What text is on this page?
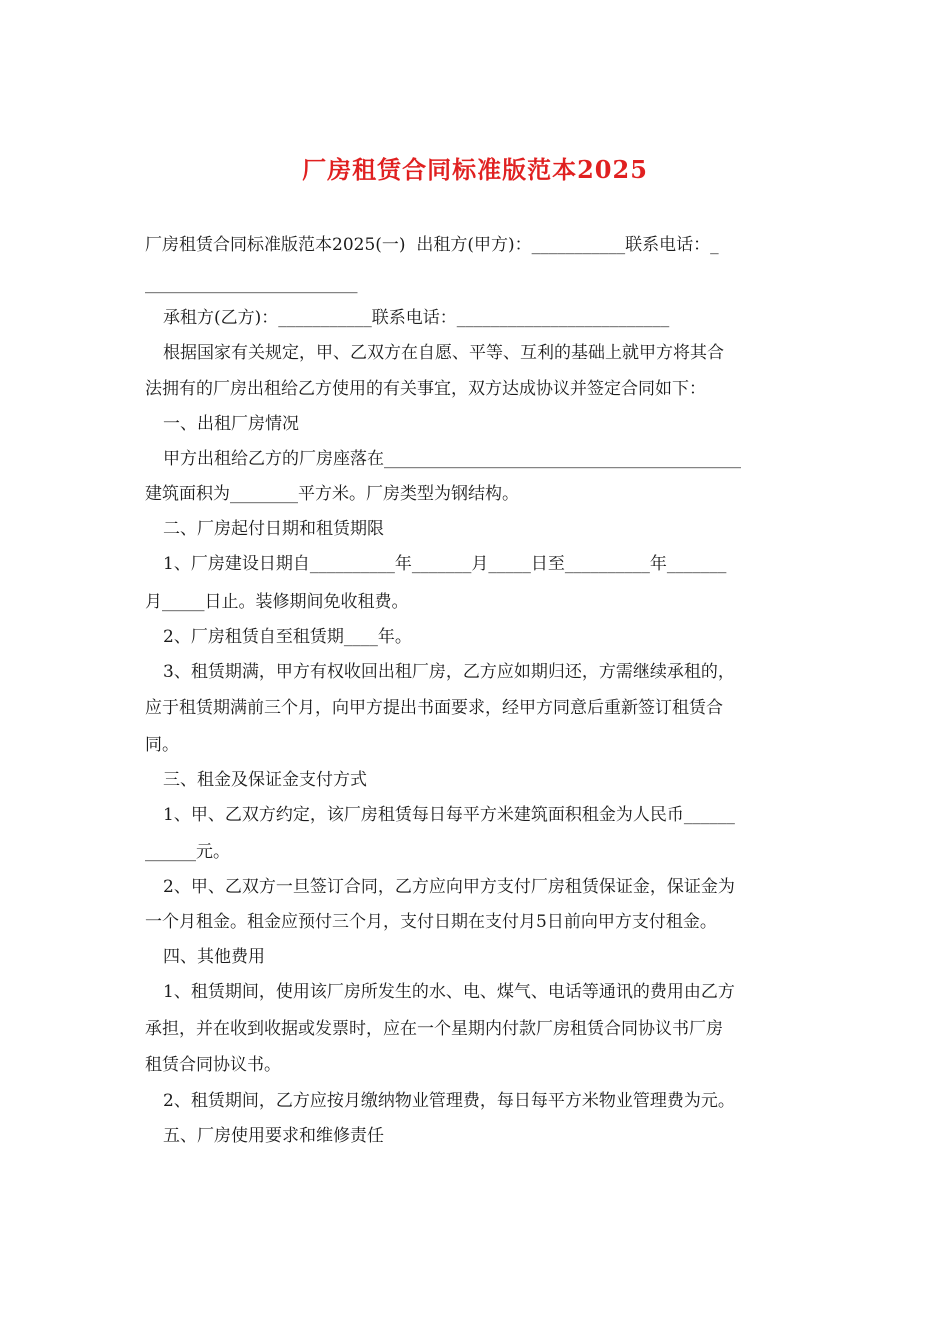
厂房租赁合同标准版范本2025
厂房租赁合同标准版范本2025(一)  出租方(甲方)：___________联系电话：_
_________________________
承租方(乙方)：___________联系电话：_________________________
根据国家有关规定，甲、乙双方在自愿、平等、互利的基础上就甲方将其合
法拥有的厂房出租给乙方使用的有关事宜，双方达成协议并签定合同如下：
一、出租厂房情况
甲方出租给乙方的厂房座落在__________________________________________
建筑面积为________平方米。厂房类型为钢结构。
二、厂房起付日期和租赁期限
1、厂房建设日期自__________年_______月_____日至__________年_______
月_____日止。装修期间免收租费。
2、厂房租赁自至租赁期____年。
3、租赁期满，甲方有权收回出租厂房，乙方应如期归还，方需继续承租的，
应于租赁期满前三个月，向甲方提出书面要求，经甲方同意后重新签订租赁合
同。
三、租金及保证金支付方式
1、甲、乙双方约定，该厂房租赁每日每平方米建筑面积租金为人民币______
______元。
2、甲、乙双方一旦签订合同，乙方应向甲方支付厂房租赁保证金，保证金为
一个月租金。租金应预付三个月，支付日期在支付月5日前向甲方支付租金。
四、其他费用
1、租赁期间，使用该厂房所发生的水、电、煤气、电话等通讯的费用由乙方
承担，并在收到收据或发票时，应在一个星期内付款厂房租赁合同协议书厂房
租赁合同协议书。
2、租赁期间，乙方应按月缴纳物业管理费，每日每平方米物业管理费为元。
五、厂房使用要求和维修责任
